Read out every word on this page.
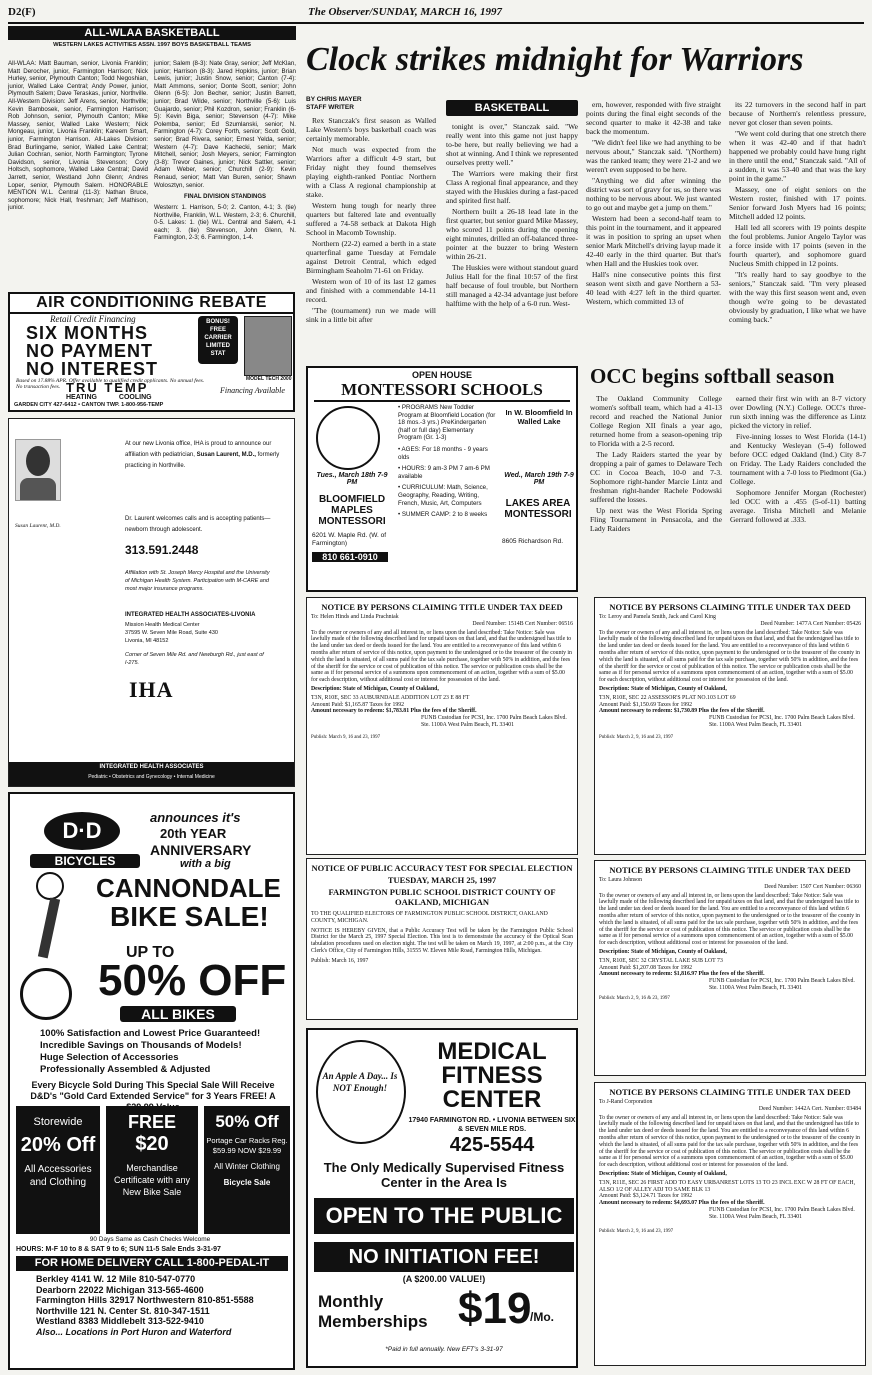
D2(F)	The Observer/SUNDAY, MARCH 16, 1997
ALL-WLAA BASKETBALL
WESTERN LAKES ACTIVITIES ASSN. 1997 BOYS BASKETBALL TEAMS
All-WLAA: Matt Bauman, senior, Livonia Franklin; Matt Derocher, junior, Farmington Harrison; Nick Hurley, senior, Plymouth Canton; Todd Negoshian, junior, Walled Lake Central; Andy Power, junior, Plymouth Salem; Dave Teraskas, junior, Northville. All-Western Division: Jeff Arens, senior, Northville; Kevin Bambosek, senior, Farmington Harrison; Rob Johnson, senior, Plymouth Canton; Mike Massey, senior, Walled Lake Western; Nick Mongeau, junior, Livonia Franklin; Kareem Smart, junior, Farmington Harrison. All-Lakes Division: Brad Burlingame, senior, Walled Lake Central; Julian Cochran, senior, North Farmington; Tyrone Davidson, senior, Livonia Stevenson; Cory Holtsch, sophomore, Walled Lake Central; David Jarrett, senior, Westland John Glenn; Andres Loper, senior, Plymouth Salem. HONORABLE MENTION W.L. Central (11-3): Nathan Bruce, sophomore; Nick Hall, freshman; Jeff Mathison, junior.
junior; Salem (8-3): Nate Gray, senior; Jeff McKlan, junior; Harrison (8-3): Jared Hopkins, junior; Brian Lewis, junior; Justin Snow, senior; Canton (7-4): Matt Ammons, senior; Donte Scott, senior; John Glenn (6-5): Jon Becher, senior; Justin Barrett, junior; Brad Wilde, senior; Northville (5-6): Luis Guajardo, senior; Phil Kozdron, senior; Franklin (6-5): Kevin Biga, senior; Stevenson (4-7): Mike Polemba, senior; Ed Szumlanski, senior; N. Farmington (4-7): Corey Forth, senior; Scott Gold, senior; Brad Rivera, senior; Ernest Yelda, senior; Western (4-7): Dave Kachecki, senior; Mark Mitchell, senior; Josh Meyers, senior; Farmington (3-8): Trevor Gaines, junior; Nick Sattler, senior; Adam Weber, senior; Churchill (2-9): Kevin Renaud, senior; Matt Van Buren, senior; Shawn Wolosztyn, senior.
FINAL DIVISION STANDINGS
Western: 1. Harrison, 5-0; 2. Canton, 4-1; 3. (tie) Northville, Franklin, W.L. Western, 2-3; 6. Churchill, 0-5. Lakes: 1. (tie) W.L. Central and Salem, 4-1 each; 3. (tie) Stevenson, John Glenn, N. Farmington, 2-3; 6. Farmington, 1-4.
AIR CONDITIONING REBATE
Retail Credit Financing
SIX MONTHS
NO PAYMENT
NO INTEREST
BONUS! FREE CARRIER LIMITED STAT
MODEL TECH 2000
Based on 17.88% APR. Offer available to qualified credit applicants. No annual fees. No transaction fees. TRU TEMP
HEATING COOLING
Financing Available
GARDEN CITY 427-6412 • CANTON TWP. 1-800-956-TEMP
Susan Laurent, M.D.
At our new Livonia office, IHA is proud to announce our affiliation with pediatrician, Susan Laurent, M.D., formerly practicing in Northville.
Dr. Laurent welcomes calls and is accepting patients—newborn through adolescent.
313.591.2448
Affiliation with St. Joseph Mercy Hospital and the University of Michigan Health System. Participation with M-CARE and most major insurance programs.
INTEGRATED HEALTH ASSOCIATES-LIVONIA
Mission Health Medical Center
37595 W. Seven Mile Road, Suite 430
Livonia, MI 48152
Corner of Seven Mile Rd. and Newburgh Rd., just east of I-275.
IHA
INTEGRATED HEALTH ASSOCIATES
Pediatric • Obstetrics and Gynecology • Internal Medicine
D·D
BICYCLES
announces it's
20th YEAR
ANNIVERSARY
with a big
CANNONDALE
BIKE SALE!
UP TO
50% OFF
ALL BIKES
100% Satisfaction and Lowest Price Guaranteed!
Incredible Savings on Thousands of Models!
Huge Selection of Accessories
Professionally Assembled & Adjusted
Every Bicycle Sold During This Special Sale Will Receive D&D's "Gold Card Extended Service" for 3 Years FREE! A
Storewide
20% Off
All Accessories and Clothing
FREE
$20
Merchandise Certificate with any New Bike Sale
50% Off
Portage Car Racks Reg. $59.99 NOW $29.99
All Winter Clothing
Bicycle Sale
90 Days Same as Cash Checks Welcome
HOURS: M-F 10 to 8 & SAT 9 to 6; SUN 11-5 Sale Ends 3-31-97
FOR HOME DELIVERY CALL 1-800-PEDAL-IT
Berkley 4141 W. 12 Mile 810-547-0770
Dearborn 22022 Michigan 313-565-4600
Farmington Hills 32917 Northwestern 810-851-5588
Northville 121 N. Center St. 810-347-1511
Westland 8383 Middlebelt 313-522-9410
Also... Locations in Port Huron and Waterford
Clock strikes midnight for Warriors
BY CHRIS MAYER
STAFF WRITER

Rex Stanczak's first season as Walled Lake Western's boys basketball coach was certainly memorable.

Not much was expected from the Warriors after a difficult 4-9 start, but Friday night they found themselves playing eighth-ranked Pontiac Northern with a Class A regional championship at stake.

Western hung tough for nearly three quarters but faltered late and eventually suffered a 74-58 setback at Dakota High School in Macomb Township.

Northern (22-2) earned a berth in a state quarterfinal game Tuesday at Ferndale against Detroit Central, which edged Birmingham Seaholm 71-61 on Friday.

Western won of 10 of its last 12 games and finished with a commendable 14-11 record.

"The (tournament) run we made will sink in a little bit after

BASKETBALL

tonight is over," Stanczak said. "We really went into this game not just happy to-be here, but really believing we had a shot at winning. And I think we represented ourselves pretty well."

The Warriors were making their first Class A regional final appearance, and they stayed with the Huskies during a fast-paced and spirited first half.

Northern built a 26-18 lead late in the first quarter, but senior guard Mike Massey, who scored 11 points during the opening eight minutes, drilled an off-balanced three-pointer at the buzzer to bring Western within 26-21.

The Huskies were without standout guard Julius Hall for the final 10:57 of the first half because of foul trouble, but Northern still managed a 42-34 advantage just before halftime with the help of a 6-0 run. West-

ern, however, responded with five straight points during the final eight seconds of the second quarter to make it 42-38 and take back the momentum.

"We didn't feel like we had anything to be nervous about," Stanczak said. "(Northern) was the ranked team; they were 21-2 and we weren't even supposed to be here.

"Anything we did after winning the district was sort of gravy for us, so there was nothing to be nervous about. We just wanted to go out and maybe get a jump on them."

Western had been a second-half team to this point in the tournament, and it appeared it was in position to spring an upset when senior Mark Mitchell's driving layup made it 42-40 early in the third quarter. But that's when Hall and the Huskies took over.

Hall's nine consecutive points this first season went sixth and gave Northern a 53-40 lead with 4:27 left in the third quarter. Western, which committed 13 of

its 22 turnovers in the second half in part because of Northern's relentless pressure, never got closer than seven points.

"We went cold during that one stretch there when it was 42-40 and if that hadn't happened we probably could have hung right in there until the end," Stanczak said. "All of a sudden, it was 53-40 and that was the key point in the game."

Massey, one of eight seniors on the Western roster, finished with 17 points. Senior forward Josh Myers had 16 points; Mitchell added 12 points.

Hall led all scorers with 19 points despite the foul problems. Junior Angelo Taylor was a force inside with 17 points (seven in the fourth quarter), and sophomore guard Nucleus Smith chipped in 12 points.

"It's really hard to say goodbye to the seniors," Stanczak said. "I'm very pleased with the way this first season went and, even though we're going to be devastated obviously by graduation, I like what we have coming back."

OPEN HOUSE
MONTESSORI SCHOOLS
Tues., March 18th 7-9 PM
BLOOMFIELD MAPLES MONTESSORI
6201 W. Maple Rd. (W. of Farmington)
810 661-0910
• PROGRAMS New Toddler Program at Bloomfield Location (for 18 mos.-3 yrs.) PreKindergarten (half or full day) Elementary Program (Gr. 1-3)
• AGES: For 18 months - 9 years olds
• HOURS: 9 am-3 PM 7 am-6 PM available
• CURRICULUM: Math, Science, Geography, Reading, Writing, French, Music, Art, Computers
• SUMMER CAMP: 2 to 8 weeks
In W. Bloomfield In Walled Lake
Wed., March 19th 7-9 PM
LAKES AREA MONTESSORI
8605 Richardson Rd.
OCC begins softball season

The Oakland Community College women's softball team, which had a 41-13 record and reached the National Junior College Region XII finals a year ago, returned home from a season-opening trip to Florida with a 2-5 record.

The Lady Raiders started the year by dropping a pair of games to Delaware Tech CC in Cocoa Beach, 10-0 and 7-3. Sophomore right-hander Marcie Lintz and freshman right-hander Rachele Podowski suffered the losses.

Up next was the West Florida Spring Fling Tournament in Pensacola, and the Lady Raiders

earned their first win with an 8-7 victory over Dowling (N.Y.) College. OCC's three-run sixth inning was the difference as Lintz picked the victory in relief.

Five-inning losses to West Florida (14-1) and Kentucky Wesleyan (5-4) followed before OCC edged Oakland (Ind.) City 8-7 on Friday. The Lady Raiders concluded the tournament with a 7-0 loss to Piedmont (Ga.) College.

Sophomore Jennifer Morgan (Rochester) led OCC with a .455 (5-of-11) batting average. Trisha Mitchell and Melanie Gerrard followed at .333.

NOTICE BY PERSONS CLAIMING TITLE UNDER TAX DEED
To: Helen Hinds and Linda Prachniak
Deed Number: 1514B Cert Number: 06516
To the owner or owners of any and all interest in, or liens upon the land described: Take Notice: Sale was lawfully made of the following described land for unpaid taxes on that land, and that the undersigned has title to the land under tax deed or deeds issued for the land. You are entitled to a reconveyance of this land within 6 months after return of service of this notice, upon payment to the undersigned or to the treasurer of the county in which the land is situated, of all sums paid for the tax sale purchase, together with 50% in addition, and the fees of the sheriff for the service or cost of publication of this notice. The service or publication costs shall be the same as if for personal service of a summons upon commencement of an action, together with a sum of $5.00 for each description, without additional cost or interest for possession of the land.
Description: State of Michigan, County of Oakland,
T3N, R10E, SEC 33 AUBURNDALE ADDITION LOT 23 E 88 FT
Amount Paid: $1,165.87 Taxes for 1992
Amount necessary to redeem: $1,783.81 Plus the fees of the Sheriff.
FUNB Custodian for PCSI, Inc. 1700 Palm Beach Lakes Blvd. Ste. 1100A West Palm Beach, FL 33401
Publish: March 9, 16 and 23, 1997
NOTICE BY PERSONS CLAIMING TITLE UNDER TAX DEED
To: Leroy and Pamela Smith, Jack and Carol King
Deed Number: 1477A Cert Number: 05426
To the owner or owners of any and all interest in, or liens upon the land described: Take Notice: Sale was lawfully made of the following described land for unpaid taxes on that land, and that the undersigned has title to the land under tax deed or deeds issued for the land. You are entitled to a reconveyance of this land within 6 months after return of service of this notice, upon payment to the undersigned or to the treasurer of the county in which the land is situated, of all sums paid for the tax sale purchase, together with 50% in addition, and the fees of the sheriff for the service or cost of publication of this notice. The service or publication costs shall be the same as if for personal service of a summons upon commencement of an action, together with a sum of $5.00 for each description, without additional cost or interest for possession of the land.
Description: State of Michigan, County of Oakland,
T3N, R10E, SEC 22 ASSESSOR'S PLAT NO.103 LOT 69
Amount Paid: $1,150.69 Taxes for 1992
Amount necessary to redeem: $1,730.89 Plus the fees of the Sheriff.
FUNB Custodian for PCSI, Inc. 1700 Palm Beach Lakes Blvd. Ste. 1100A West Palm Beach, FL 33401
Publish: March 2, 9, 16 and 23, 1997
NOTICE OF PUBLIC ACCURACY TEST FOR SPECIAL ELECTION
TUESDAY, MARCH 25, 1997
FARMINGTON PUBLIC SCHOOL DISTRICT COUNTY OF OAKLAND, MICHIGAN
TO THE QUALIFIED ELECTORS OF FARMINGTON PUBLIC SCHOOL DISTRICT, OAKLAND COUNTY, MICHIGAN.
NOTICE IS HEREBY GIVEN, that a Public Accuracy Test will be taken by the Farmington Public School District for the March 25, 1997 Special Election. This test is to demonstrate the accuracy of the Optical Scan tabulation procedures used on election night. The test will be taken on March 19, 1997, at 2:00 p.m., at the City Clerk's Office, City of Farmington Hills, 31555 W. Eleven Mile Road, Farmington Hills, Michigan.
Publish: March 16, 1997
NOTICE BY PERSONS CLAIMING TITLE UNDER TAX DEED
To: Laura Johnson
Deed Number: 1507 Cert Number: 06360
To the owner or owners of any and all interest in, or liens upon the land described: Take Notice: Sale was lawfully made of the following described land for unpaid taxes on that land, and that the undersigned has title to the land under tax deed or deeds issued for the land. You are entitled to a reconveyance of this land within 6 months after return of service of this notice, upon payment to the undersigned or to the treasurer of the county in which the land is situated, of all sums paid for the tax sale purchase, together with 50% in addition, and the fees of the sheriff for the service or cost of publication of this notice. The service or publication costs shall be the same as if for personal service of a summons upon commencement of an action, together with a sum of $5.00 for each description, without additional cost or interest for possession of the land.
Description: State of Michigan, County of Oakland,
T3N, R10E, SEC 32 CRYSTAL LAKE SUB LOT 73
Amount Paid: $1,207.08 Taxes for 1992
Amount necessary to redeem: $1,816.97 Plus the fees of the Sheriff.
FUNB Custodian for PCSI, Inc. 1700 Palm Beach Lakes Blvd. Ste. 1100A West Palm Beach, FL 33401
Publish: March 2, 9, 16 & 23, 1997
An Apple A Day... Is NOT Enough!
MEDICAL
FITNESS
CENTER
17940 FARMINGTON RD. • LIVONIA BETWEEN SIX & SEVEN MILE RDS.
425-5544
The Only Medically Supervised Fitness Center in the Area Is
OPEN TO THE PUBLIC
NO INITIATION FEE!
(A $200.00 VALUE!)
Monthly Memberships $19
/Mo.
*Paid in full annually. New EFT's 3-31-97
NOTICE BY PERSONS CLAIMING TITLE UNDER TAX DEED
To J-Rand Corporation
Deed Number: 1442A Cert. Number: 03484
To the owner or owners of any and all interest in, or liens upon the land described: Take Notice: Sale was lawfully made of the following described land for unpaid taxes on that land, and that the undersigned has title to the land under tax deed or deeds issued for the land. You are entitled to a reconveyance of this land within 6 months after return of service of this notice, upon payment to the undersigned or to the treasurer of the county in which the land is situated, of all sums paid for the tax sale purchase, together with 50% in addition, and the fees of the sheriff for the service or cost of publication of this notice. The service or publication costs shall be the same as if for personal service of a summons upon commencement of an action, together with a sum of $5.00 for each description, without additional cost or interest for possession of the land.
Description: State of Michigan, County of Oakland,
T3N, R11E, SEC 26 FIRST ADD TO EASY URBANREST LOTS 13 TO 23 INCL EXC W 28 FT OF EACH, ALSO 1/2 OF ALLEY ADJ TO SAME BLK 13
Amount Paid: $3,124.71 Taxes for 1992
Amount necessary to redeem: $4,693.07 Plus the fees of the Sheriff.
FUNB Custodian for PCSI, Inc. 1700 Palm Beach Lakes Blvd. Ste. 1100A West Palm Beach, FL 33401
Publish: March 2, 9, 16 and 23, 1997
